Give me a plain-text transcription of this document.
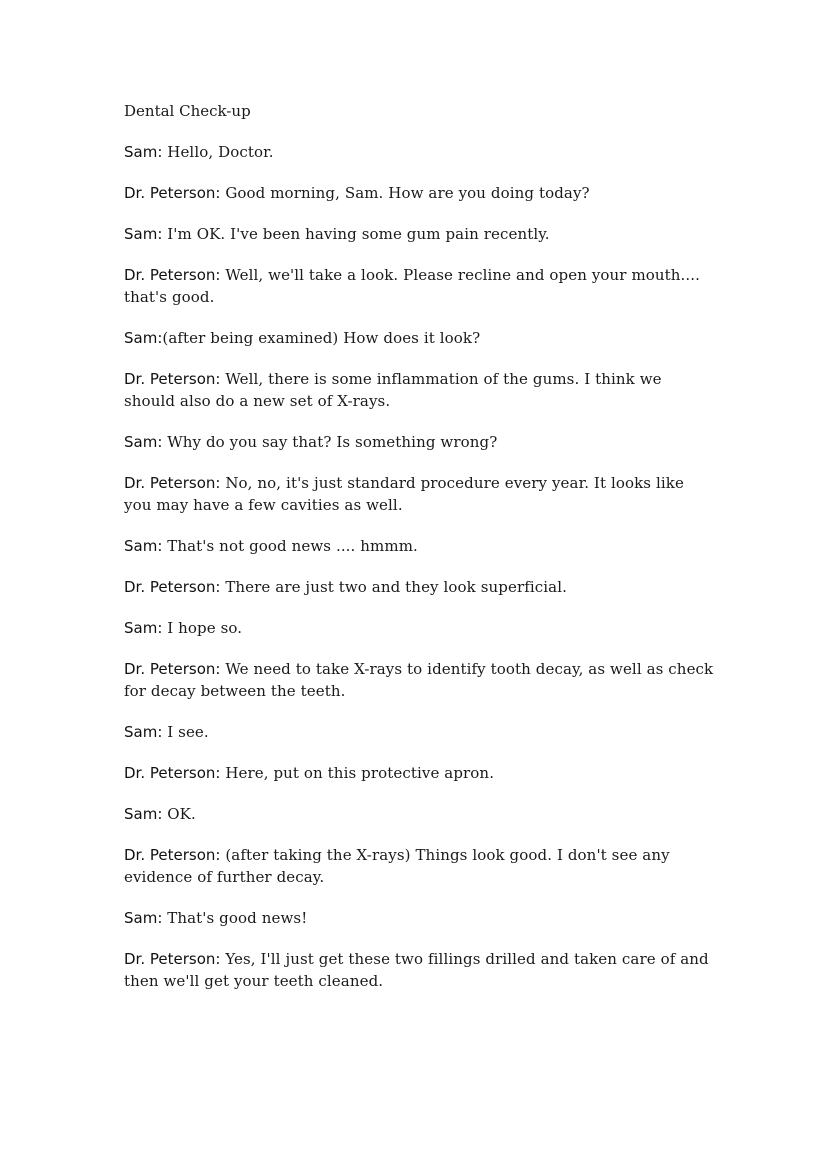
Dental Check-up

Sam: Hello, Doctor.

Dr. Peterson: Good morning, Sam. How are you doing today?

Sam: I'm OK. I've been having some gum pain recently.

Dr. Peterson: Well, we'll take a look. Please recline and open your mouth.... that's good.

Sam:(after being examined) How does it look?

Dr. Peterson: Well, there is some inflammation of the gums. I think we should also do a new set of X-rays.

Sam: Why do you say that? Is something wrong?

Dr. Peterson: No, no, it's just standard procedure every year. It looks like you may have a few cavities as well.

Sam: That's not good news .... hmmm.

Dr. Peterson: There are just two and they look superficial.

Sam: I hope so.

Dr. Peterson: We need to take X-rays to identify tooth decay, as well as check for decay between the teeth.

Sam: I see.

Dr. Peterson: Here, put on this protective apron.

Sam: OK.

Dr. Peterson: (after taking the X-rays) Things look good. I don't see any evidence of further decay.

Sam: That's good news!

Dr. Peterson: Yes, I'll just get these two fillings drilled and taken care of and then we'll get your teeth cleaned.
